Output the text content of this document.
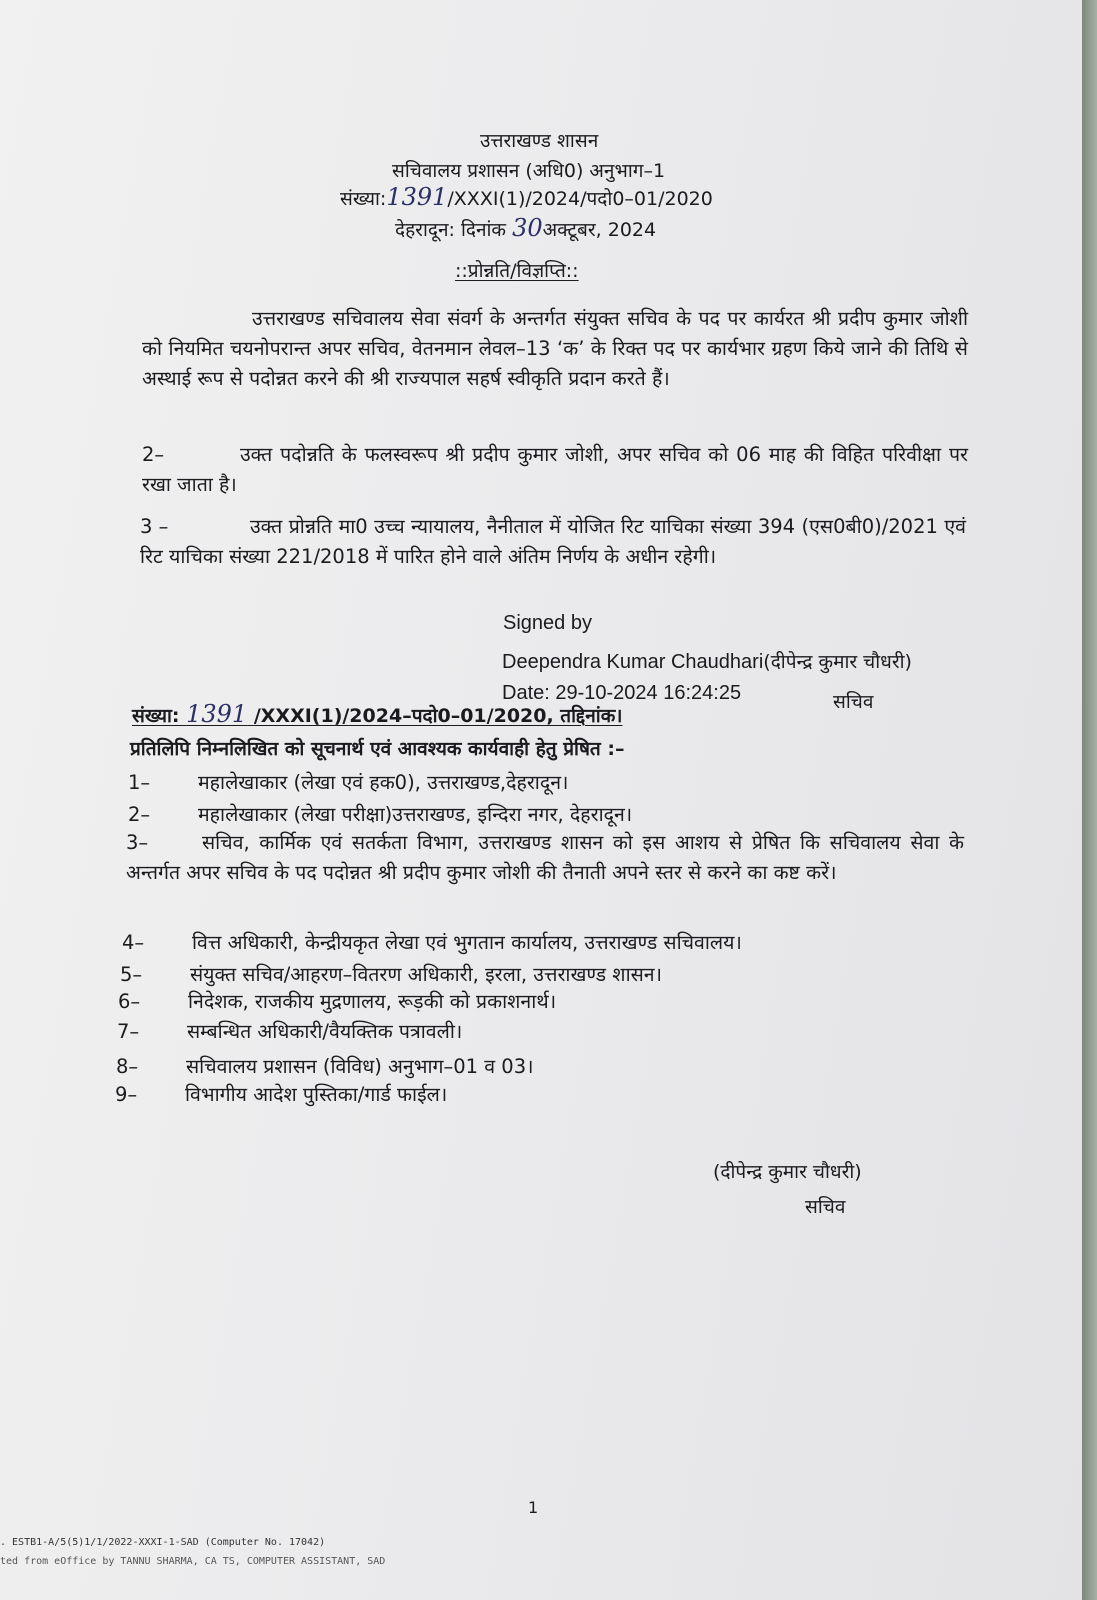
उत्तराखण्ड शासन
सचिवालय प्रशासन (अधि0) अनुभाग–1
संख्या:1391/XXXI(1)/2024/पदो0–01/2020
देहरादून: दिनांक 30अक्टूबर, 2024
::प्रोन्नति/विज्ञप्ति::
उत्तराखण्ड सचिवालय सेवा संवर्ग के अन्तर्गत संयुक्त सचिव के पद पर कार्यरत श्री प्रदीप कुमार जोशी को नियमित चयनोपरान्त अपर सचिव, वेतनमान लेवल–13 ‘क’ के रिक्त पद पर कार्यभार ग्रहण किये जाने की तिथि से अस्थाई रूप से पदोन्नत करने की श्री राज्यपाल सहर्ष स्वीकृति प्रदान करते हैं।
2–	उक्त पदोन्नति के फलस्वरूप श्री प्रदीप कुमार जोशी, अपर सचिव को 06 माह की विहित परिवीक्षा पर रखा जाता है।
3 –	उक्त प्रोन्नति मा0 उच्च न्यायालय, नैनीताल में योजित रिट याचिका संख्या 394 (एस0बी0)/2021 एवं रिट याचिका संख्या 221/2018 में पारित होने वाले अंतिम निर्णय के अधीन रहेगी।
Signed by
Deependra Kumar Chaudhari(दीपेन्द्र कुमार चौधरी)
Date: 29-10-2024 16:24:25	सचिव
संख्या: 1391 /XXXI(1)/2024–पदो0–01/2020, तद्दिनांक।
प्रतिलिपि निम्नलिखित को सूचनार्थ एवं आवश्यक कार्यवाही हेतु प्रेषित :–
1– महालेखाकार (लेखा एवं हक0), उत्तराखण्ड,देहरादून।
2– महालेखाकार (लेखा परीक्षा)उत्तराखण्ड, इन्दिरा नगर, देहरादून।
3–	सचिव, कार्मिक एवं सतर्कता विभाग, उत्तराखण्ड शासन को इस आशय से प्रेषित कि सचिवालय सेवा के अन्तर्गत अपर सचिव के पद पदोन्नत श्री प्रदीप कुमार जोशी की तैनाती अपने स्तर से करने का कष्ट करें।
4– वित्त अधिकारी, केन्द्रीयकृत लेखा एवं भुगतान कार्यालय, उत्तराखण्ड सचिवालय।
5– संयुक्त सचिव/आहरण–वितरण अधिकारी, इरला, उत्तराखण्ड शासन।
6– निदेशक, राजकीय मुद्रणालय, रूड़की को प्रकाशनार्थ।
7– सम्बन्धित अधिकारी/वैयक्तिक पत्रावली।
8– सचिवालय प्रशासन (विविध) अनुभाग–01 व 03।
9– विभागीय आदेश पुस्तिका/गार्ड फाईल।
(दीपेन्द्र कुमार चौधरी)
सचिव
1
. ESTB1-A/5(5)1/1/2022-XXXI-1-SAD (Computer No. 17042)
ted from eOffice by TANNU SHARMA, CA TS, COMPUTER ASSISTANT, SAD
